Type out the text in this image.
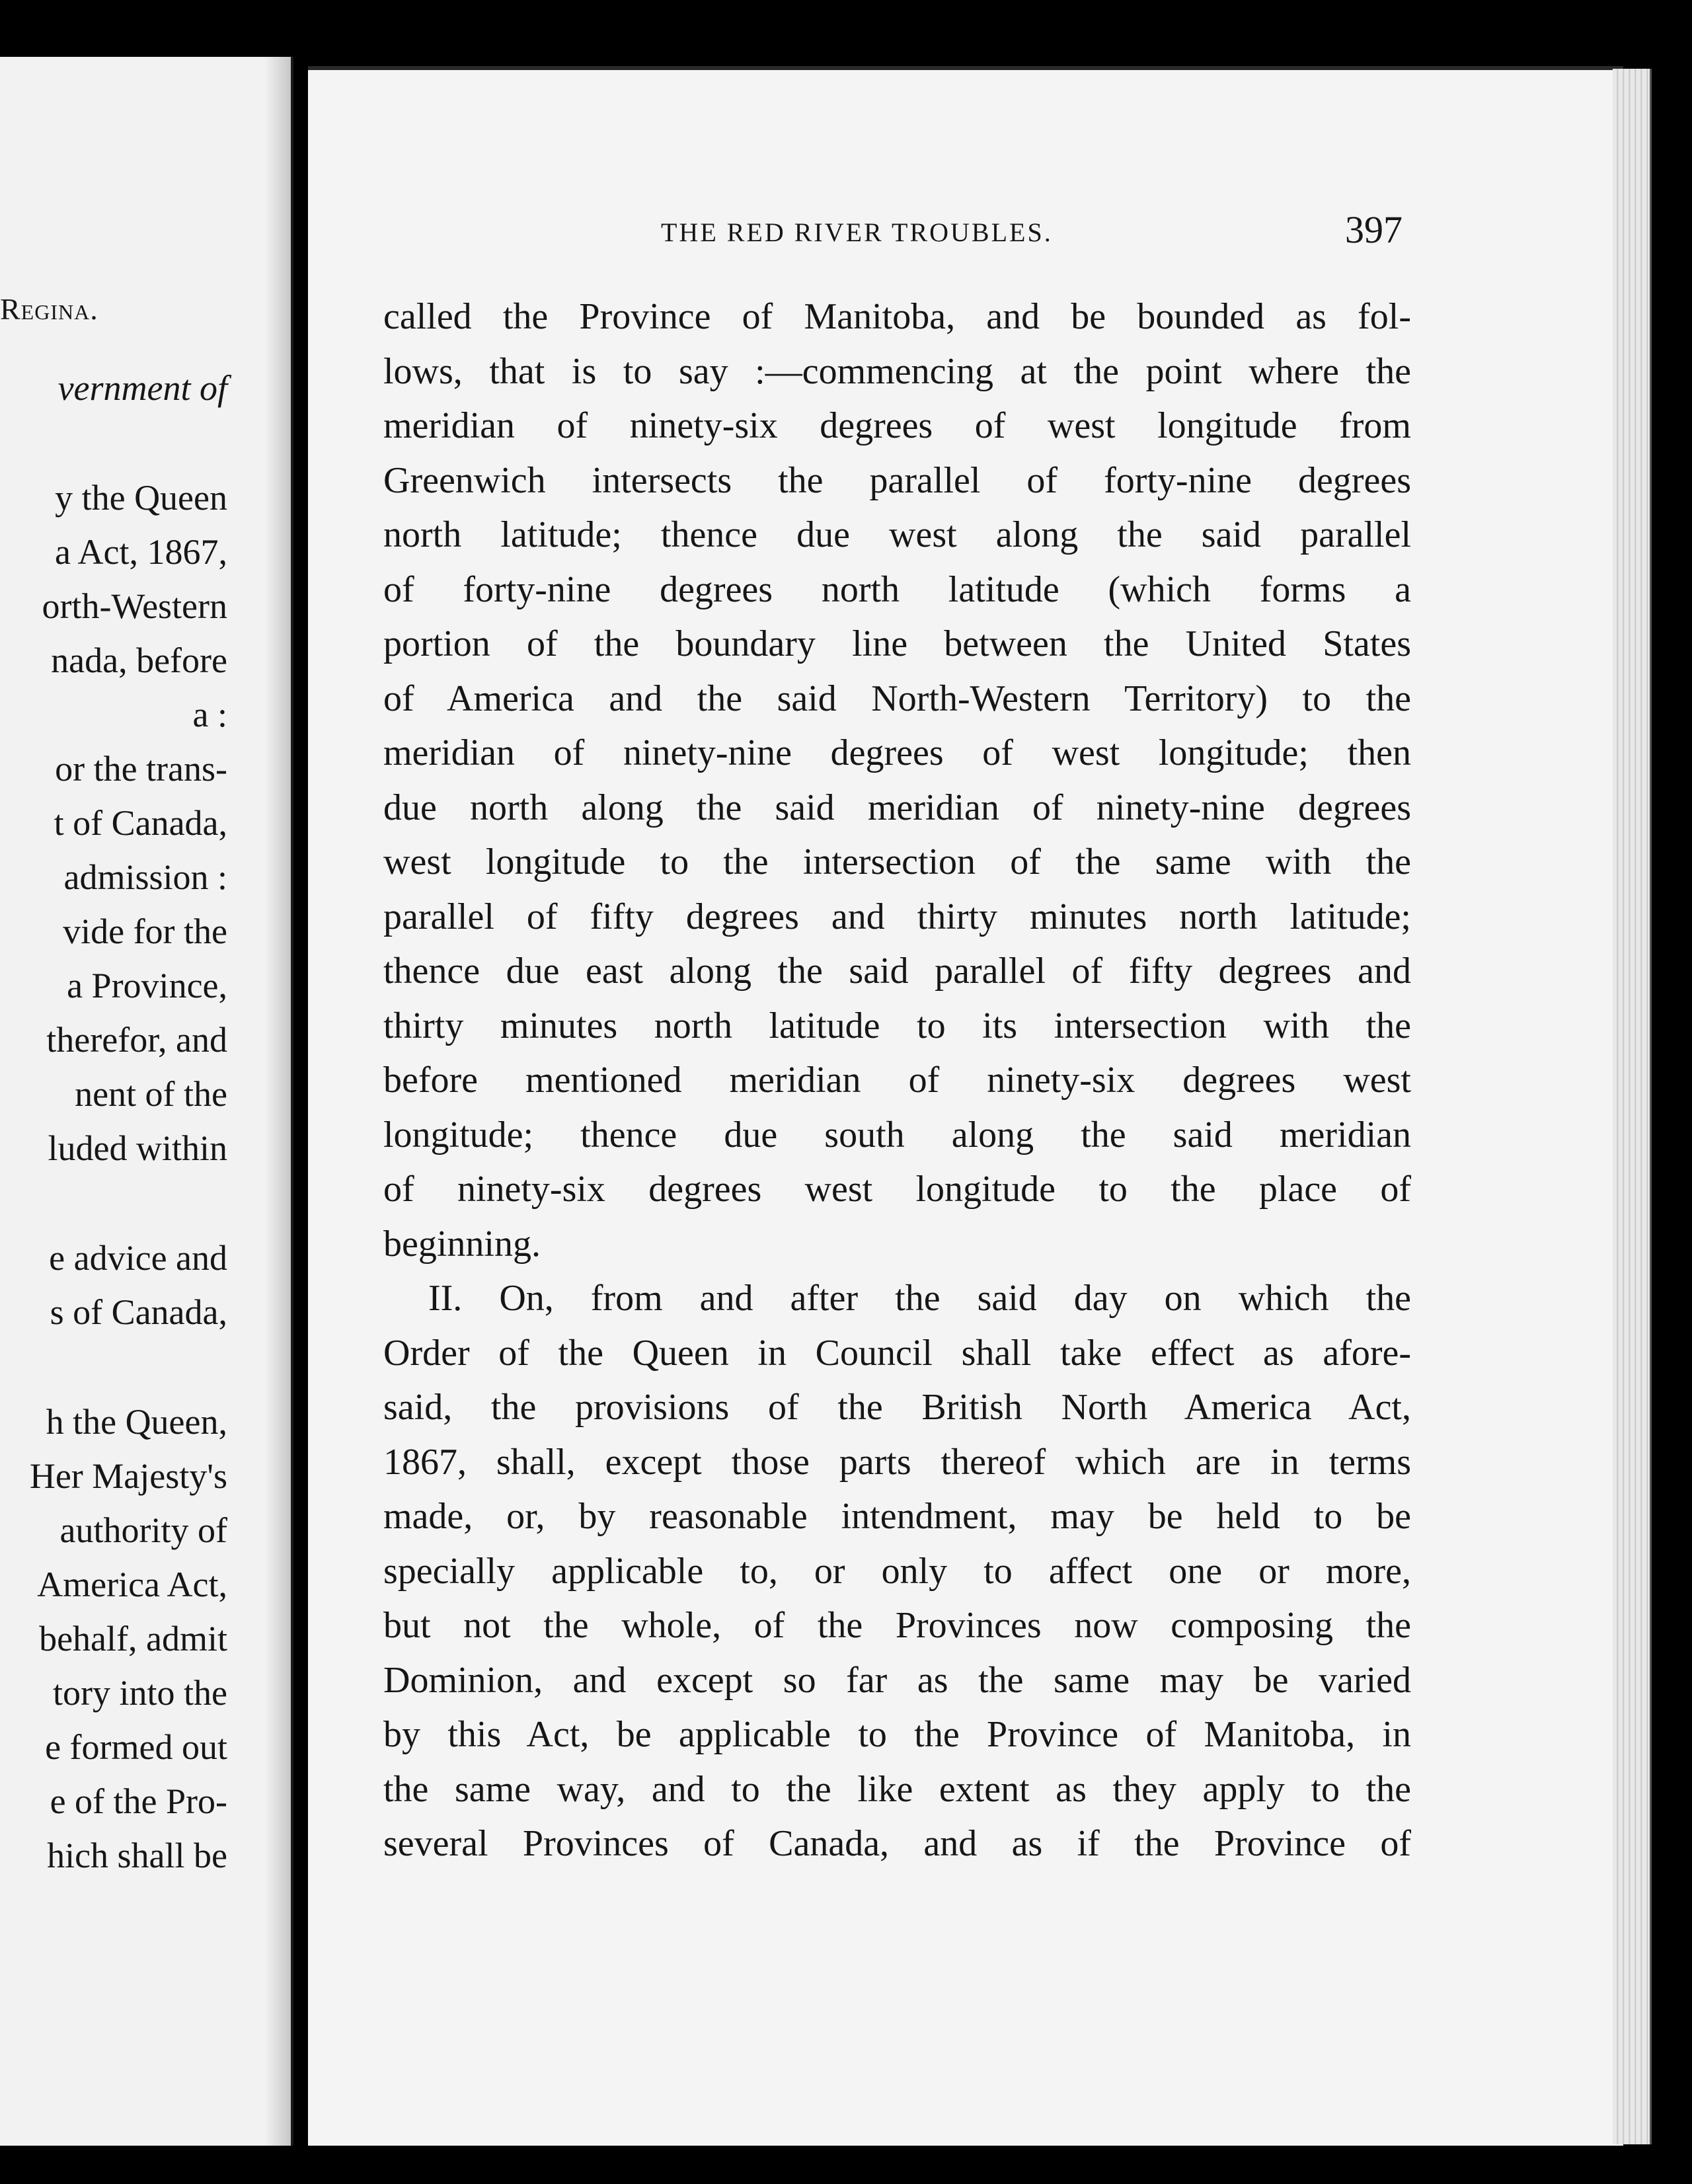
Regina.
vernment of
y the Queen
a Act, 1867,
orth-Western
nada, before
a :
or the trans-
t of Canada,
admission :
vide for the
a Province,
therefor, and
nent of the
luded within
e advice and
s of Canada,
h the Queen,
Her Majesty's
authority of
America Act,
behalf, admit
tory into the
e formed out
e of the Pro-
hich shall be
THE RED RIVER TROUBLES.	397
called the Province of Manitoba, and be bounded as fol-
lows, that is to say :—commencing at the point where the
meridian of ninety-six degrees of west longitude from
Greenwich intersects the parallel of forty-nine degrees
north latitude; thence due west along the said parallel
of forty-nine degrees north latitude (which forms a
portion of the boundary line between the United States
of America and the said North-Western Territory) to the
meridian of ninety-nine degrees of west longitude; then
due north along the said meridian of ninety-nine degrees
west longitude to the intersection of the same with the
parallel of fifty degrees and thirty minutes north latitude;
thence due east along the said parallel of fifty degrees and
thirty minutes north latitude to its intersection with the
before mentioned meridian of ninety-six degrees west
longitude; thence due south along the said meridian
of ninety-six degrees west longitude to the place of
beginning.
II. On, from and after the said day on which the
Order of the Queen in Council shall take effect as afore-
said, the provisions of the British North America Act,
1867, shall, except those parts thereof which are in terms
made, or, by reasonable intendment, may be held to be
specially applicable to, or only to affect one or more,
but not the whole, of the Provinces now composing the
Dominion, and except so far as the same may be varied
by this Act, be applicable to the Province of Manitoba, in
the same way, and to the like extent as they apply to the
several Provinces of Canada, and as if the Province of
